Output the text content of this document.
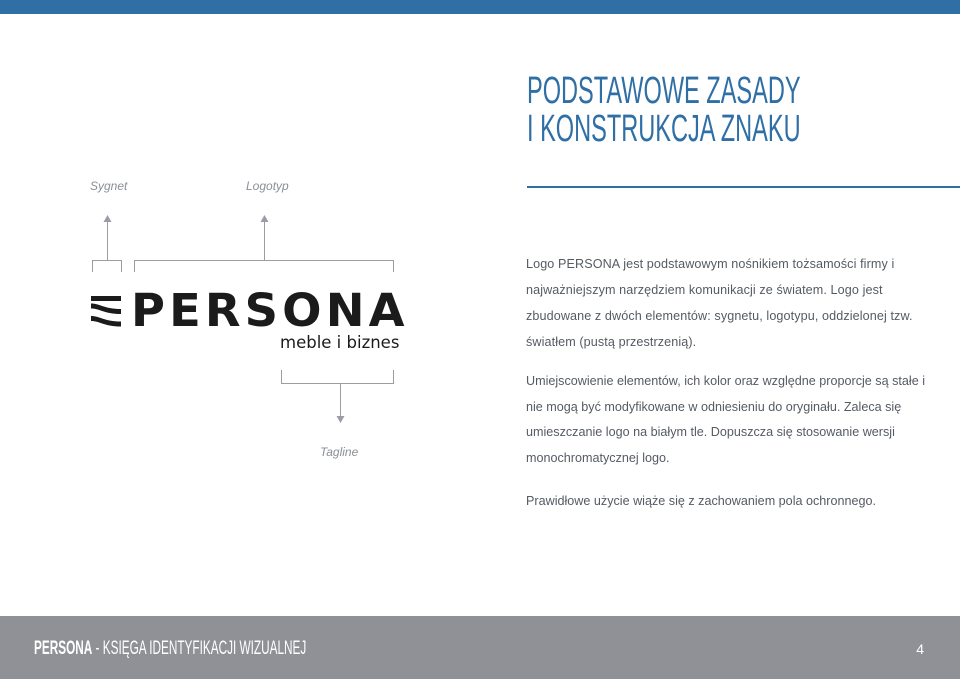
PODSTAWOWE ZASADY
I KONSTRUKCJA ZNAKU
Sygnet	Logotyp
Tagline
PERSONA
meble i biznes

Logo PERSONA jest podstawowym nośnikiem tożsamości firmy i najważniejszym narzędziem komunikacji ze światem. Logo jest zbudowane z dwóch elementów: sygnetu, logotypu, oddzielonej tzw. światłem (pustą przestrzenią).

Umiejscowienie elementów, ich kolor oraz względne proporcje są stałe i nie mogą być modyfikowane w odniesieniu do oryginału. Zaleca się umieszczanie logo na białym tle. Dopuszcza się stosowanie wersji monochromatycznej logo.

Prawidłowe użycie wiąże się z zachowaniem pola ochronnego.

PERSONA - KSIĘGA IDENTYFIKACJI WIZUALNEJ	4
